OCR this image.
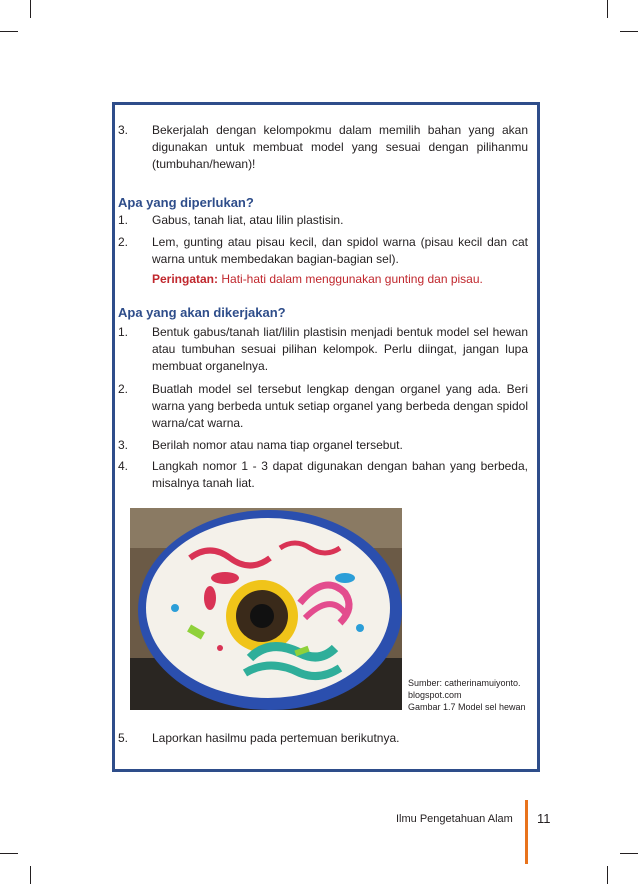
3. Bekerjalah dengan kelompokmu dalam memilih bahan yang akan digunakan untuk membuat model yang sesuai dengan pilihanmu (tumbuhan/hewan)!
Apa yang diperlukan?
1. Gabus, tanah liat, atau lilin plastisin.
2. Lem, gunting atau pisau kecil, dan spidol warna (pisau kecil dan cat warna untuk membedakan bagian-bagian sel).
Peringatan: Hati-hati dalam menggunakan gunting dan pisau.
Apa yang akan dikerjakan?
1. Bentuk gabus/tanah liat/lilin plastisin menjadi bentuk model sel hewan atau tumbuhan sesuai pilihan kelompok. Perlu diingat, jangan lupa membuat organelnya.
2. Buatlah model sel tersebut lengkap dengan organel yang ada. Beri warna yang berbeda untuk setiap organel yang berbeda dengan spidol warna/cat warna.
3. Berilah nomor atau nama tiap organel tersebut.
4. Langkah nomor 1 - 3 dapat digunakan dengan bahan yang berbeda, misalnya tanah liat.
Sumber: catherinamuiyonto.
blogspot.com
Gambar 1.7 Model sel hewan
5. Laporkan hasilmu pada pertemuan berikutnya.
Ilmu Pengetahuan Alam 11
